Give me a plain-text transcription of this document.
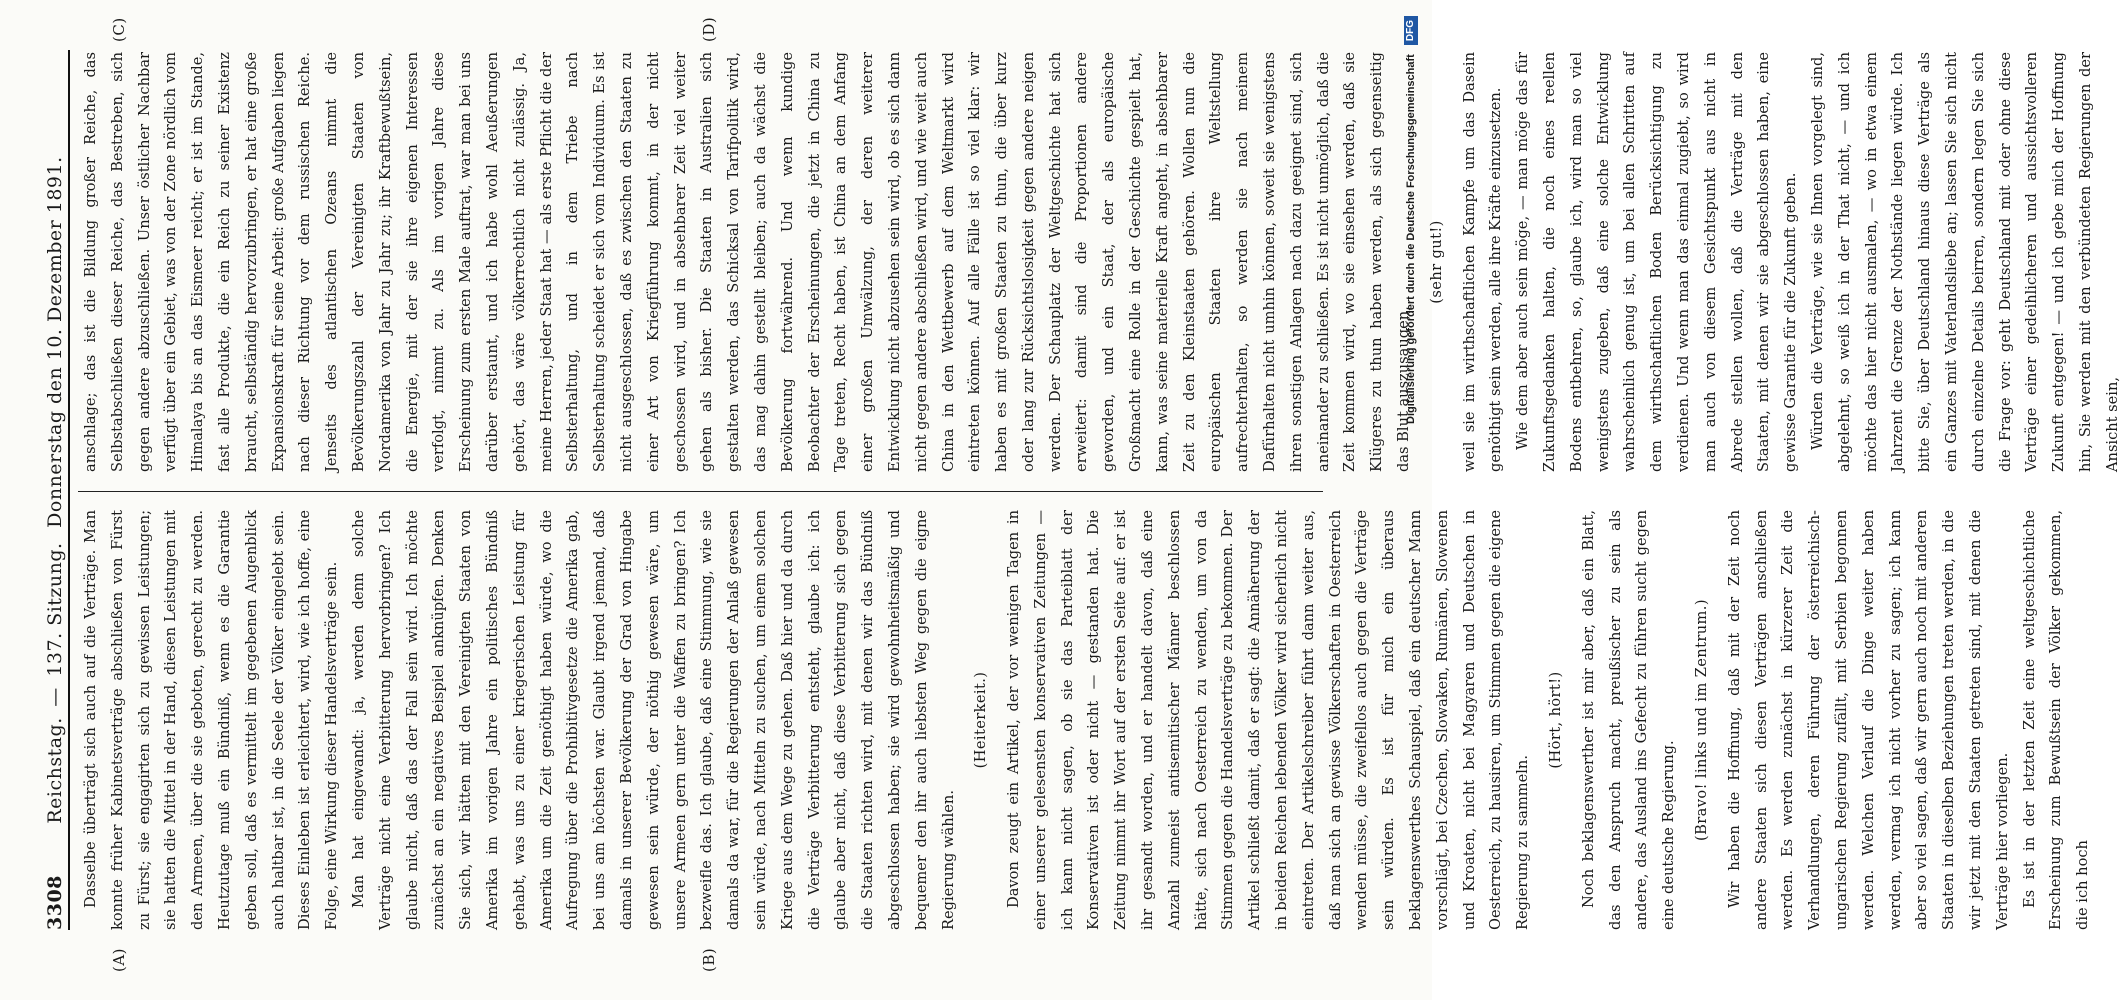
3308
Reichstag. — 137. Sitzung. Donnerstag den 10. Dezember 1891.
(A)	(B)
(C)	(D)

Dasselbe überträgt sich auch auf die Verträge. Man konnte früher Kabinetsverträge abschließen von Fürst zu Fürst; sie engagirten sich zu gewissen Leistungen; sie hatten die Mittel in der Hand, diesen Leistungen mit den Armeen, über die sie geboten, gerecht zu werden. Heutzutage muß ein Bündniß, wenn es die Garantie geben soll, daß es vermittelt im gegebenen Augenblick auch haltbar ist, in die Seele der Völker eingelebt sein. Dieses Einleben ist erleichtert, wird, wie ich hoffe, eine Folge, eine Wirkung dieser Handelsverträge sein. Man hat eingewandt: ja, werden denn solche Verträge nicht eine Verbitterung hervorbringen? Ich glaube nicht, daß das der Fall sein wird. Ich möchte zunächst an ein negatives Beispiel anknüpfen. Denken Sie sich, wir hätten mit den Vereinigten Staaten von Amerika im vorigen Jahre ein politisches Bündniß gehabt, was uns zu einer kriegerischen Leistung für Amerika um die Zeit genöthigt haben würde, wo die Aufregung über die Prohibitivgesetze die Amerika gab, bei uns am höchsten war. Glaubt irgend jemand, daß damals in unserer Bevölkerung der Grad von Hingabe gewesen sein würde, der nöthig gewesen wäre, um unsere Armeen gern unter die Waffen zu bringen? Ich bezweifle das. Ich glaube, daß eine Stimmung, wie sie damals da war, für die Regierungen der Anlaß gewesen sein würde, nach Mitteln zu suchen, um einem solchen Kriege aus dem Wege zu gehen. Daß hier und da durch die Verträge Verbitterung entsteht, glaube ich: ich glaube aber nicht, daß diese Verbitterung sich gegen die Staaten richten wird, mit denen wir das Bündniß abgeschlossen haben; sie wird gewohnheitsmäßig und bequemer den ihr auch liebsten Weg gegen die eigne Regierung wählen.

(Heiterkeit.)	Davon zeugt ein Artikel, der vor wenigen Tagen in einer unserer gelesensten konservativen Zeitungen — ich kann nicht sagen, ob sie das Parteiblatt der Konservativen ist oder nicht — gestanden hat. Die Zeitung nimmt ihr Wort auf der ersten Seite auf: er ist ihr gesandt worden, und er handelt davon, daß eine Anzahl zumeist antisemitischer Männer beschlossen hätte, sich nach Oesterreich zu wenden, um von da Stimmen gegen die Handelsverträge zu bekommen. Der Artikel schließt damit, daß er sagt: die Annäherung der in beiden Reichen lebenden Völker wird sicherlich nicht eintreten. Der Artikelschreiber führt dann weiter aus, daß man sich an gewisse Völkerschaften in Oesterreich wenden müsse, die zweifellos auch gegen die Verträge sein würden. Es ist für mich ein überaus beklagenswerthes Schauspiel, daß ein deutscher Mann vorschlägt, bei Czechen, Slowaken, Rumänen, Slowenen und Kroaten, nicht bei Magyaren und Deutschen in Oesterreich, zu hausiren, um Stimmen gegen die eigene Regierung zu sammeln.

(Hört, hört!)	Noch beklagenswerther ist mir aber, daß ein Blatt, das den Anspruch macht, preußischer zu sein als andere, das Ausland ins Gefecht zu führen sucht gegen eine deutsche Regierung.	(Bravo! links und im Zentrum.)	Wir haben die Hoffnung, daß mit der Zeit noch andere Staaten sich diesen Verträgen anschließen werden. Es werden zunächst in kürzerer Zeit die Verhandlungen, deren Führung der österreichisch-ungarischen Regierung zufällt, mit Serbien begonnen werden. Welchen Verlauf die Dinge weiter haben werden, vermag ich nicht vorher zu sagen; ich kann aber so viel sagen, daß wir gern auch noch mit anderen Staaten in dieselben Beziehungen treten werden, in die wir jetzt mit den Staaten getreten sind, mit denen die Verträge hier vorliegen. Es ist in der letzten Zeit eine weltgeschichtliche Erscheinung zum Bewußtsein der Völker gekommen, die ich hoch

anschlage; das ist die Bildung großer Reiche, das Selbstabschließen dieser Reiche, das Bestreben, sich gegen andere abzuschließen. Unser östlicher Nachbar verfügt über ein Gebiet, was von der Zone nördlich vom Himalaya bis an das Eismeer reicht; er ist im Stande, fast alle Produkte, die ein Reich zu seiner Existenz braucht, selbständig hervorzubringen, er hat eine große Expansionskraft für seine Arbeit: große Aufgaben liegen nach dieser Richtung vor dem russischen Reiche. Jenseits des atlantischen Ozeans nimmt die Bevölkerungszahl der Vereinigten Staaten von Nordamerika von Jahr zu Jahr zu; ihr Kraftbewußtsein, die Energie, mit der sie ihre eigenen Interessen verfolgt, nimmt zu. Als im vorigen Jahre diese Erscheinung zum ersten Male auftrat, war man bei uns darüber erstaunt, und ich habe wohl Aeußerungen gehört, das wäre völkerrechtlich nicht zulässig. Ja, meine Herren, jeder Staat hat — als erste Pflicht die der Selbsterhaltung, und in dem Triebe nach Selbsterhaltung scheidet er sich vom Individuum. Es ist nicht ausgeschlossen, daß es zwischen den Staaten zu einer Art von Kriegführung kommt, in der nicht geschossen wird, und in absehbarer Zeit viel weiter gehen als bisher. Die Staaten in Australien sich gestalten werden, das Schicksal von Tarifpolitik wird, das mag dahin gestellt bleiben; auch da wächst die Bevölkerung fortwährend. Und wenn kundige Beobachter der Erscheinungen, die jetzt in China zu Tage treten, Recht haben, ist China an dem Anfang einer großen Umwälzung, der deren weiterer Entwicklung nicht abzusehen sein wird, ob es sich dann nicht gegen andere abschließen wird, und wie weit auch China in den Wettbewerb auf dem Weltmarkt wird eintreten können. Auf alle Fälle ist so viel klar: wir haben es mit großen Staaten zu thun, die über kurz oder lang zur Rücksichtslosigkeit gegen andere neigen werden. Der Schauplatz der Weltgeschichte hat sich erweitert: damit sind die Proportionen andere geworden, und ein Staat, der als europäische Großmacht eine Rolle in der Geschichte gespielt hat, kann, was seine materielle Kraft angeht, in absehbarer Zeit zu den Kleinstaaten gehören. Wollen nun die europäischen Staaten ihre Weltstellung aufrechterhalten, so werden sie nach meinem Dafürhalten nicht umhin können, soweit sie wenigstens ihren sonstigen Anlagen nach dazu geeignet sind, sich aneinander zu schließen. Es ist nicht unmöglich, daß die Zeit kommen wird, wo sie einsehen werden, daß sie Klügeres zu thun haben werden, als sich gegenseitig das Blut auszusaugen,

(sehr gut!)	weil sie im wirthschaftlichen Kampfe um das Dasein genöthigt sein werden, alle ihre Kräfte einzusetzen. Wie dem aber auch sein möge, — man möge das für Zukunftsgedanken halten, die noch eines reellen Bodens entbehren, so, glaube ich, wird man so viel wenigstens zugeben, daß eine solche Entwicklung wahrscheinlich genug ist, um bei allen Schritten auf dem wirthschaftlichen Boden Berücksichtigung zu verdienen. Und wenn man das einmal zugiebt, so wird man auch von diesem Gesichtspunkt aus nicht in Abrede stellen wollen, daß die Verträge mit den Staaten, mit denen wir sie abgeschlossen haben, eine gewisse Garantie für die Zukunft geben. Würden die Verträge, wie sie Ihnen vorgelegt sind, abgelehnt, so weiß ich in der That nicht, — und ich möchte das hier nicht ausmalen, — wo in etwa einem Jahrzent die Grenze der Nothstände liegen würde. Ich bitte Sie, über Deutschland hinaus diese Verträge als ein Ganzes mit Vaterlandsliebe an; lassen Sie sich nicht durch einzelne Details beirren, sondern legen Sie sich die Frage vor: geht Deutschland mit oder ohne diese Verträge einer gedeihlicheren und aussichtsvolleren Zukunft entgegen! — und ich gebe mich der Hoffnung hin, Sie werden mit den verbündeten Regierungen der Ansicht sein,

Digitalisierung gefördert durch die Deutsche Forschungsgemeinschaft DFG
